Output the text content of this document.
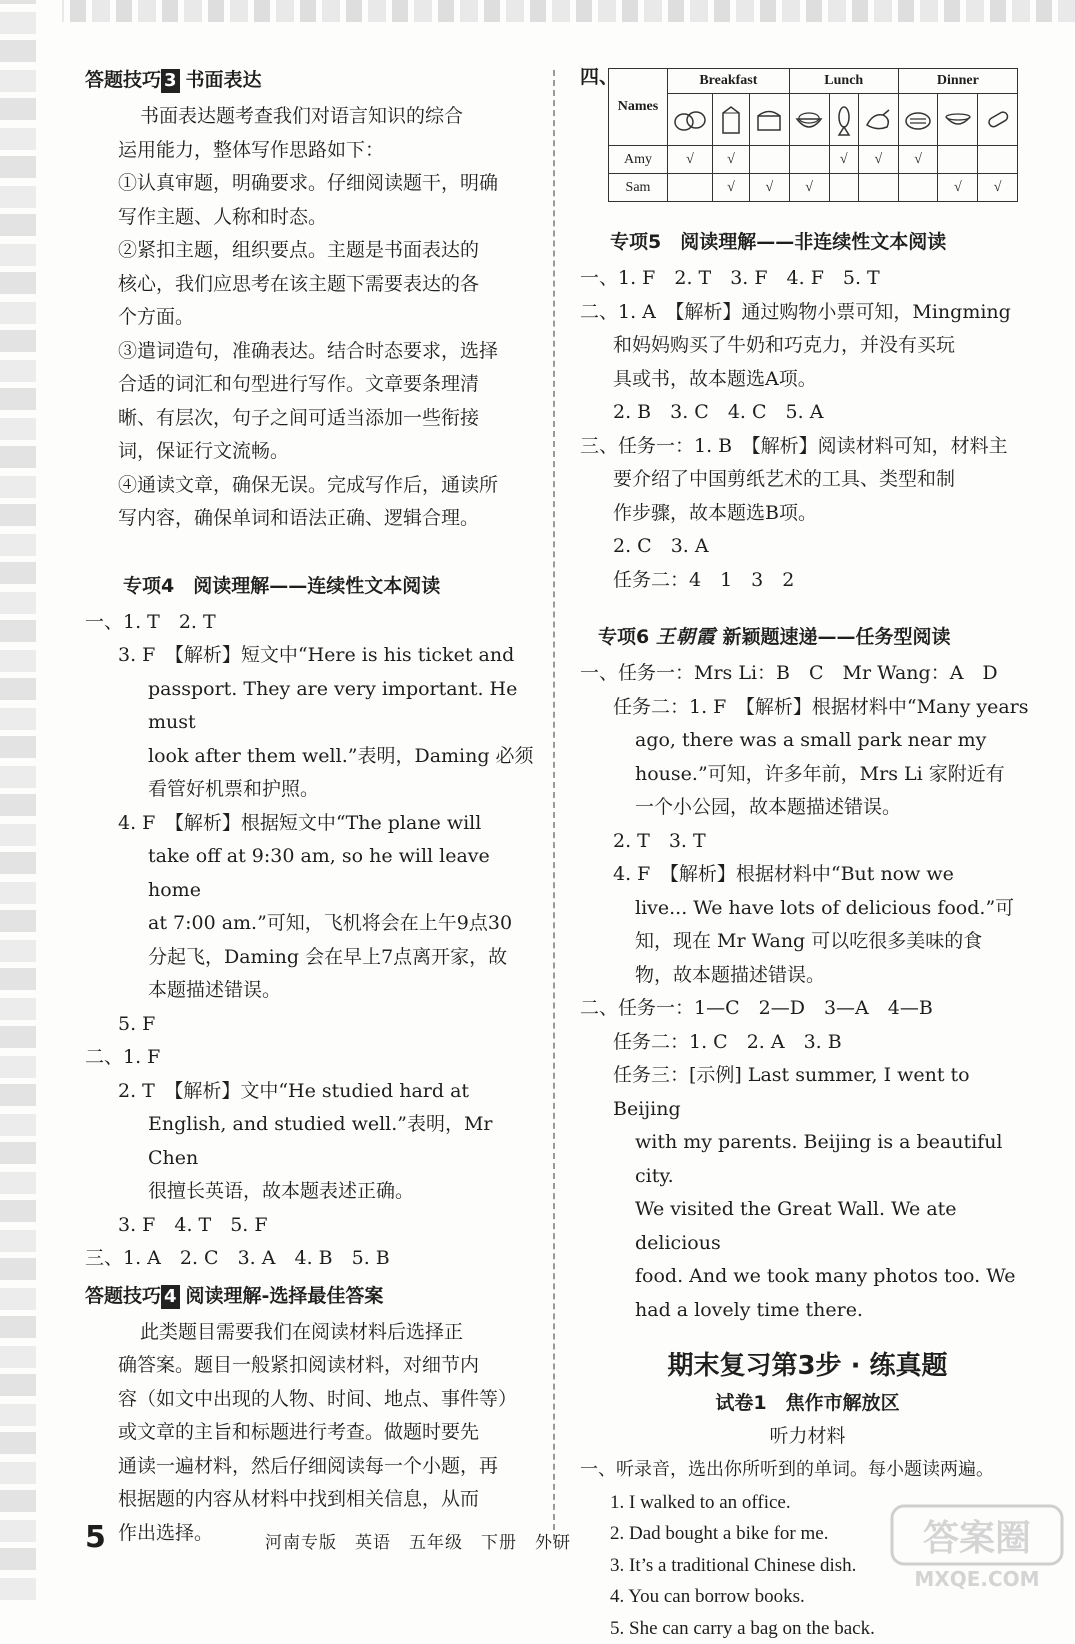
答题技巧 3 书面表达

书面表达题考查我们对语言知识的综合

运用能力，整体写作思路如下：

①认真审题，明确要求。仔细阅读题干，明确

写作主题、人称和时态。

②紧扣主题，组织要点。主题是书面表达的

核心，我们应思考在该主题下需要表达的各

个方面。

③遣词造句，准确表达。结合时态要求，选择

合适的词汇和句型进行写作。文章要条理清

晰、有层次，句子之间可适当添加一些衔接

词，保证行文流畅。

④通读文章，确保无误。完成写作后，通读所

写内容，确保单词和语法正确、逻辑合理。

专项4　阅读理解——连续性文本阅读

一、1. T　2. T

3. F　【解析】短文中“Here is his ticket and

passport. They are very important. He must

look after them well.”表明，Daming 必须

看管好机票和护照。

4. F　【解析】根据短文中“The plane will

take off at 9:30 am, so he will leave home

at 7:00 am.”可知，飞机将会在上午9点30

分起飞，Daming 会在早上7点离开家，故

本题描述错误。

5. F

二、1. F

2. T　【解析】文中“He studied hard at

English, and studied well.”表明，Mr Chen

很擅长英语，故本题表述正确。

3. F　4. T　5. F

三、1. A　2. C　3. A　4. B　5. B

答题技巧 4 阅读理解-选择最佳答案

此类题目需要我们在阅读材料后选择正

确答案。题目一般紧扣阅读材料，对细节内

容（如文中出现的人物、时间、地点、事件等）

或文章的主旨和标题进行考查。做题时要先

通读一遍材料，然后仔细阅读每一个小题，再

根据题的内容从材料中找到相关信息，从而

作出选择。

四、
Names	Breakfast			Lunch			Dinner		

Amy	√	√			√	√	√		
Sam		√	√	√				√	√
专项5　阅读理解——非连续性文本阅读

一、1. F　2. T　3. F　4. F　5. T

二、1. A　【解析】通过购物小票可知，Mingming

和妈妈购买了牛奶和巧克力，并没有买玩

具或书，故本题选A项。

2. B　3. C　4. C　5. A

三、任务一：1. B　【解析】阅读材料可知，材料主

要介绍了中国剪纸艺术的工具、类型和制

作步骤，故本题选B项。

2. C　3. A

任务二：4　1　3　2

专项6 王朝霞 新颖题速递——任务型阅读

一、任务一：Mrs Li：B　C　Mr Wang：A　D

任务二：1. F　【解析】根据材料中“Many years

ago, there was a small park near my

house.”可知，许多年前，Mrs Li 家附近有

一个小公园，故本题描述错误。

2. T　3. T

4. F　【解析】根据材料中“But now we

live... We have lots of delicious food.”可

知，现在 Mr Wang 可以吃很多美味的食

物，故本题描述错误。

二、任务一：1—C　2—D　3—A　4—B

任务二：1. C　2. A　3. B

任务三：[示例] Last summer, I went to Beijing

with my parents. Beijing is a beautiful city.

We visited the Great Wall. We ate delicious

food. And we took many photos too. We

had a lovely time there.

期末复习第3步 · 练真题
试卷1　焦作市解放区
听力材料

一、听录音，选出你所听到的单词。每小题读两遍。

1. I walked to an office.
2. Dad bought a bike for me.
3. It’s a traditional Chinese dish.
4. You can borrow books.
5. She can carry a bag on the back.
5	河南专版　英语　五年级　下册　外研	答案圈
MXQE.COM
